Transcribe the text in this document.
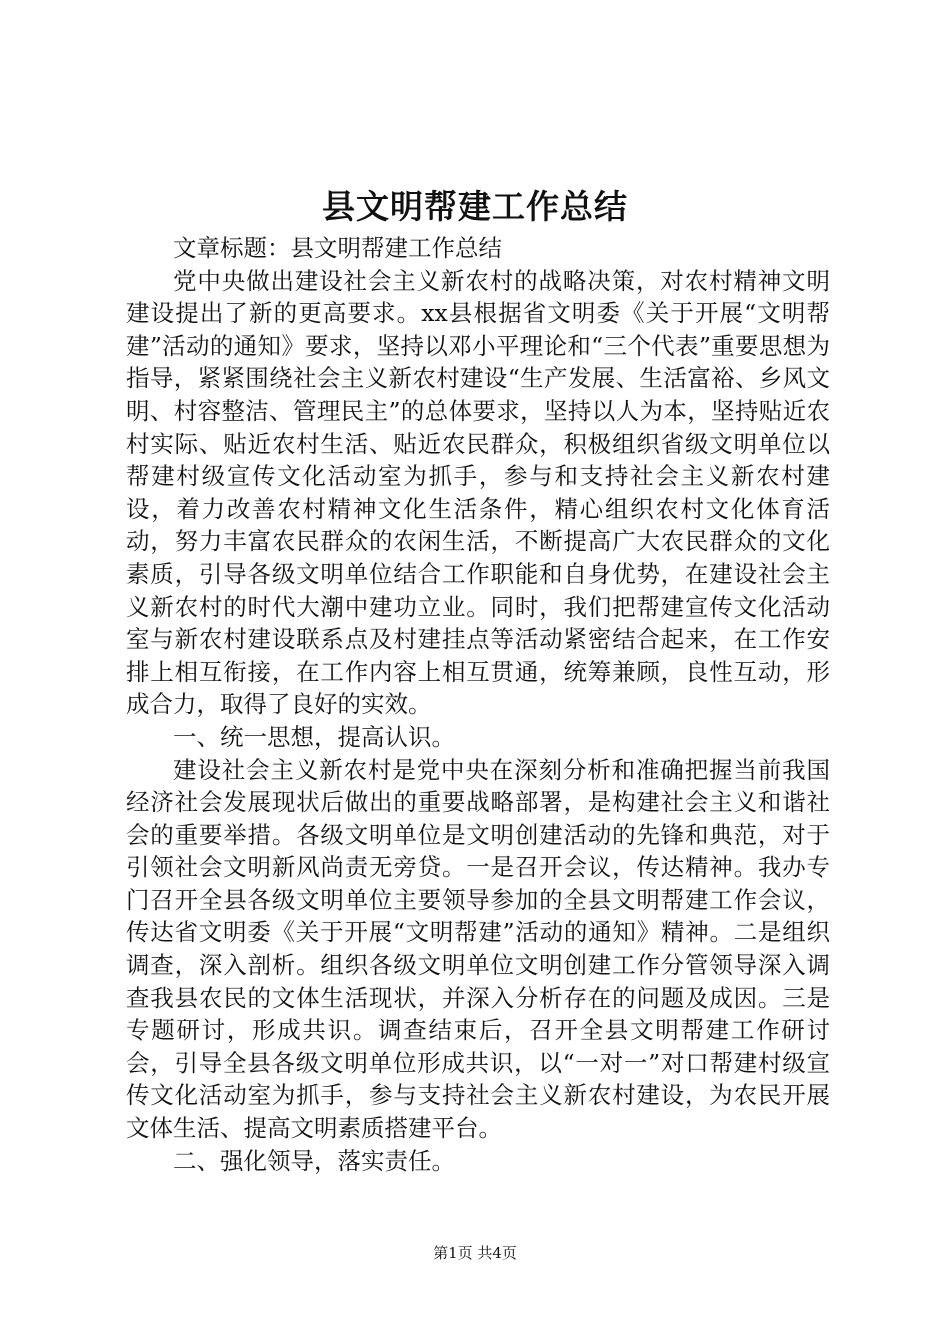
县文明帮建工作总结

文章标题：县文明帮建工作总结

党中央做出建设社会主义新农村的战略决策，对农村精神文明建设提出了新的更高要求。xx县根据省文明委《关于开展“文明帮建”活动的通知》要求，坚持以邓小平理论和“三个代表”重要思想为指导，紧紧围绕社会主义新农村建设“生产发展、生活富裕、乡风文明、村容整洁、管理民主”的总体要求，坚持以人为本，坚持贴近农村实际、贴近农村生活、贴近农民群众，积极组织省级文明单位以帮建村级宣传文化活动室为抓手，参与和支持社会主义新农村建设，着力改善农村精神文化生活条件，精心组织农村文化体育活动，努力丰富农民群众的农闲生活，不断提高广大农民群众的文化素质，引导各级文明单位结合工作职能和自身优势，在建设社会主义新农村的时代大潮中建功立业。同时，我们把帮建宣传文化活动室与新农村建设联系点及村建挂点等活动紧密结合起来，在工作安排上相互衔接，在工作内容上相互贯通，统筹兼顾，良性互动，形成合力，取得了良好的实效。

一、统一思想，提高认识。

建设社会主义新农村是党中央在深刻分析和准确把握当前我国经济社会发展现状后做出的重要战略部署，是构建社会主义和谐社会的重要举措。各级文明单位是文明创建活动的先锋和典范，对于引领社会文明新风尚责无旁贷。一是召开会议，传达精神。我办专门召开全县各级文明单位主要领导参加的全县文明帮建工作会议，传达省文明委《关于开展“文明帮建”活动的通知》精神。二是组织调查，深入剖析。组织各级文明单位文明创建工作分管领导深入调查我县农民的文体生活现状，并深入分析存在的问题及成因。三是专题研讨，形成共识。调查结束后，召开全县文明帮建工作研讨会，引导全县各级文明单位形成共识，以“一对一”对口帮建村级宣传文化活动室为抓手，参与支持社会主义新农村建设，为农民开展文体生活、提高文明素质搭建平台。

二、强化领导，落实责任。

第1页 共4页
